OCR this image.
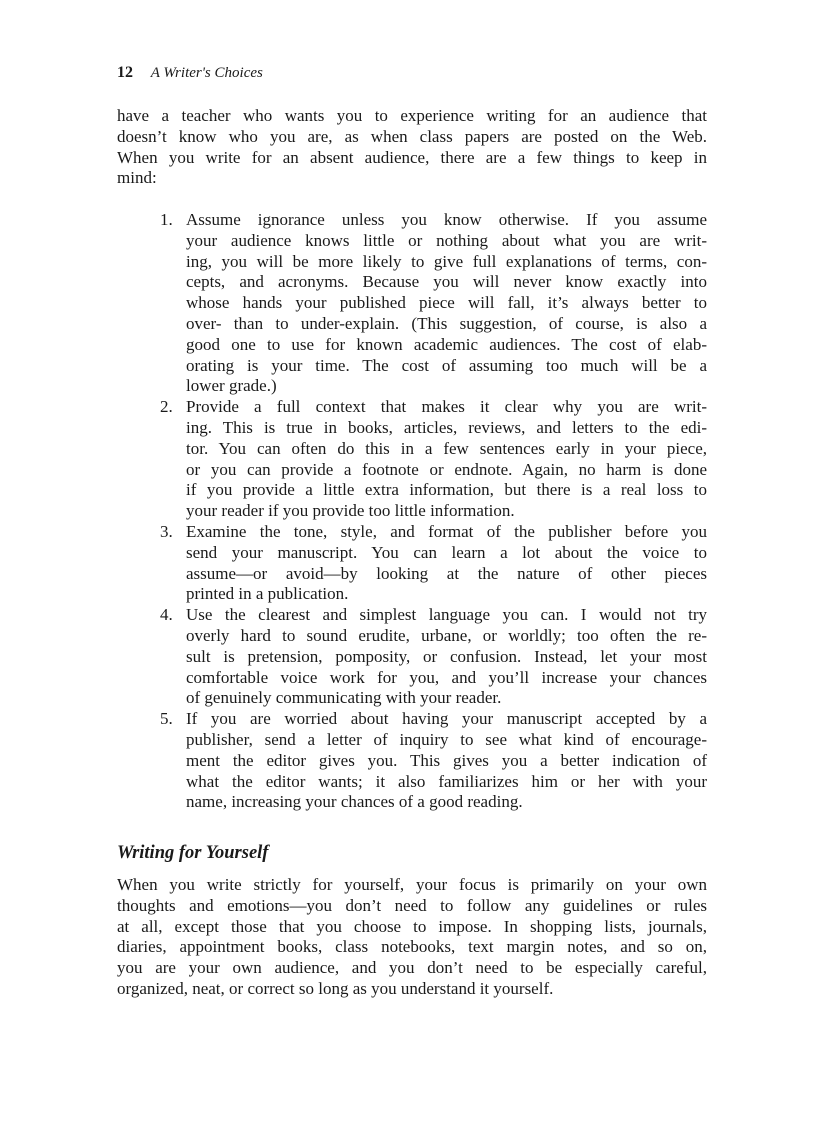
12 A Writer's Choices
have a teacher who wants you to experience writing for an audience that
doesn’t know who you are, as when class papers are posted on the Web.
When you write for an absent audience, there are a few things to keep in
mind:
1. Assume ignorance unless you know otherwise. If you assume
your audience knows little or nothing about what you are writ-
ing, you will be more likely to give full explanations of terms, con-
cepts, and acronyms. Because you will never know exactly into
whose hands your published piece will fall, it’s always better to
over- than to under-explain. (This suggestion, of course, is also a
good one to use for known academic audiences. The cost of elab-
orating is your time. The cost of assuming too much will be a
lower grade.)
2. Provide a full context that makes it clear why you are writ-
ing. This is true in books, articles, reviews, and letters to the edi-
tor. You can often do this in a few sentences early in your piece,
or you can provide a footnote or endnote. Again, no harm is done
if you provide a little extra information, but there is a real loss to
your reader if you provide too little information.
3. Examine the tone, style, and format of the publisher before you
send your manuscript. You can learn a lot about the voice to
assume—or avoid—by looking at the nature of other pieces
printed in a publication.
4. Use the clearest and simplest language you can. I would not try
overly hard to sound erudite, urbane, or worldly; too often the re-
sult is pretension, pomposity, or confusion. Instead, let your most
comfortable voice work for you, and you’ll increase your chances
of genuinely communicating with your reader.
5. If you are worried about having your manuscript accepted by a
publisher, send a letter of inquiry to see what kind of encourage-
ment the editor gives you. This gives you a better indication of
what the editor wants; it also familiarizes him or her with your
name, increasing your chances of a good reading.
Writing for Yourself
When you write strictly for yourself, your focus is primarily on your own
thoughts and emotions—you don’t need to follow any guidelines or rules
at all, except those that you choose to impose. In shopping lists, journals,
diaries, appointment books, class notebooks, text margin notes, and so on,
you are your own audience, and you don’t need to be especially careful,
organized, neat, or correct so long as you understand it yourself.
